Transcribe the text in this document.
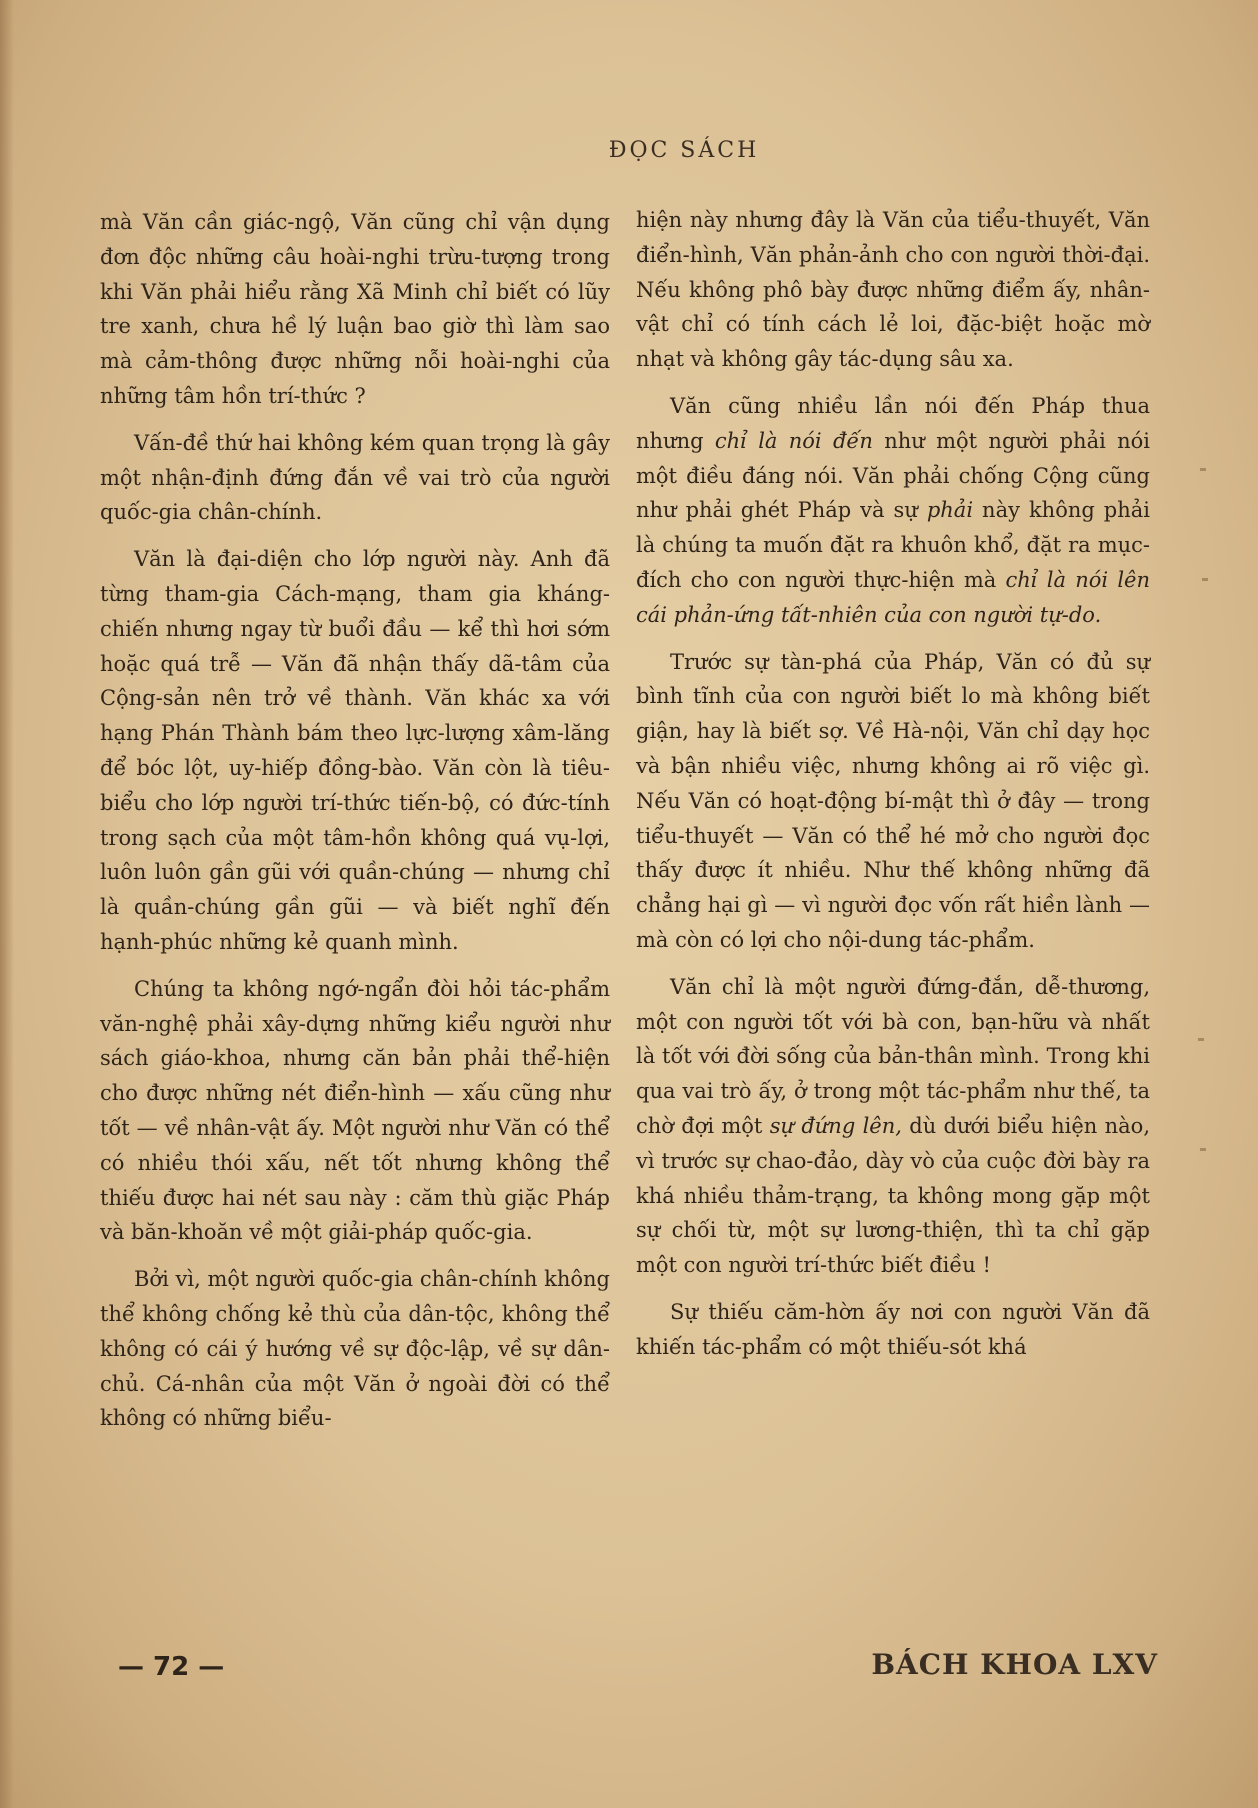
ĐỌC SÁCH

mà Văn cần giác-ngộ, Văn cũng chỉ vận dụng đơn độc những câu hoài-nghi trừu-tượng trong khi Văn phải hiểu rằng Xã Minh chỉ biết có lũy tre xanh, chưa hề lý luận bao giờ thì làm sao mà cảm-thông được những nỗi hoài-nghi của những tâm hồn trí-thức ?

Vấn-đề thứ hai không kém quan trọng là gây một nhận-định đứng đắn về vai trò của người quốc-gia chân-chính.

Văn là đại-diện cho lớp người này. Anh đã từng tham-gia Cách-mạng, tham gia kháng-chiến nhưng ngay từ buổi đầu — kể thì hơi sớm hoặc quá trễ — Văn đã nhận thấy dã-tâm của Cộng-sản nên trở về thành. Văn khác xa với hạng Phán Thành bám theo lực-lượng xâm-lăng để bóc lột, uy-hiếp đồng-bào. Văn còn là tiêu-biểu cho lớp người trí-thức tiến-bộ, có đức-tính trong sạch của một tâm-hồn không quá vụ-lợi, luôn luôn gần gũi với quần-chúng — nhưng chỉ là quần-chúng gần gũi — và biết nghĩ đến hạnh-phúc những kẻ quanh mình.

Chúng ta không ngớ-ngẩn đòi hỏi tác-phẩm văn-nghệ phải xây-dựng những kiểu người như sách giáo-khoa, nhưng căn bản phải thể-hiện cho được những nét điển-hình — xấu cũng như tốt — về nhân-vật ấy. Một người như Văn có thể có nhiều thói xấu, nết tốt nhưng không thể thiếu được hai nét sau này : căm thù giặc Pháp và băn-khoăn về một giải-pháp quốc-gia.

Bởi vì, một người quốc-gia chân-chính không thể không chống kẻ thù của dân-tộc, không thể không có cái ý hướng về sự độc-lập, về sự dân-chủ. Cá-nhân của một Văn ở ngoài đời có thể không có những biểu-

hiện này nhưng đây là Văn của tiểu-thuyết, Văn điển-hình, Văn phản-ảnh cho con người thời-đại. Nếu không phô bày được những điểm ấy, nhân-vật chỉ có tính cách lẻ loi, đặc-biệt hoặc mờ nhạt và không gây tác-dụng sâu xa.

Văn cũng nhiều lần nói đến Pháp thua nhưng chỉ là nói đến như một người phải nói một điều đáng nói. Văn phải chống Cộng cũng như phải ghét Pháp và sự phải này không phải là chúng ta muốn đặt ra khuôn khổ, đặt ra mục-đích cho con người thực-hiện mà chỉ là nói lên cái phản-ứng tất-nhiên của con người tự-do.

Trước sự tàn-phá của Pháp, Văn có đủ sự bình tĩnh của con người biết lo mà không biết giận, hay là biết sợ. Về Hà-nội, Văn chỉ dạy học và bận nhiều việc, nhưng không ai rõ việc gì. Nếu Văn có hoạt-động bí-mật thì ở đây — trong tiểu-thuyết — Văn có thể hé mở cho người đọc thấy được ít nhiều. Như thế không những đã chẳng hại gì — vì người đọc vốn rất hiền lành — mà còn có lợi cho nội-dung tác-phẩm.

Văn chỉ là một người đứng-đắn, dễ-thương, một con người tốt với bà con, bạn-hữu và nhất là tốt với đời sống của bản-thân mình. Trong khi qua vai trò ấy, ở trong một tác-phẩm như thế, ta chờ đợi một sự đứng lên, dù dưới biểu hiện nào, vì trước sự chao-đảo, dày vò của cuộc đời bày ra khá nhiều thảm-trạng, ta không mong gặp một sự chối từ, một sự lương-thiện, thì ta chỉ gặp một con người trí-thức biết điều !

Sự thiếu căm-hờn ấy nơi con người Văn đã khiến tác-phẩm có một thiếu-sót khá

— 72 —	BÁCH KHOA LXV
